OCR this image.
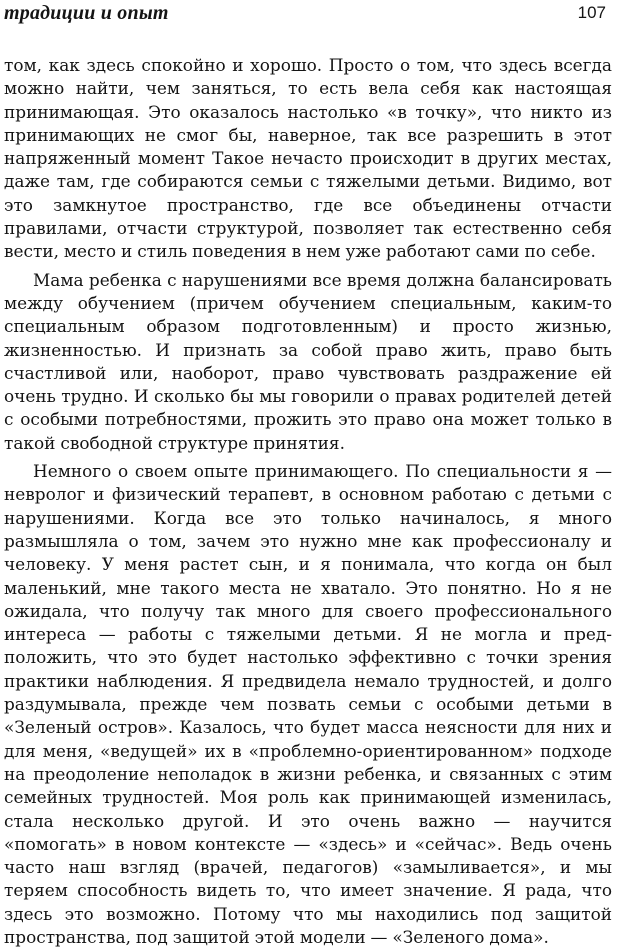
традиции и опыт	107

том, как здесь спокойно и хорошо. Просто о том, что здесь всегда можно найти, чем заняться, то есть вела себя как настоящая принимающая. Это оказалось настолько «в точку», что никто из принимающих не смог бы, наверное, так все разрешить в этот напряженный момент Такое нечасто происходит в других местах, даже там, где собираются семьи с тяжелыми детьми. Видимо, вот это замкнутое пространство, где все объединены отчасти правилами, отчасти структурой, позволяет так естественно себя вести, место и стиль поведения в нем уже работают сами по себе.

Мама ребенка с нарушениями все время должна балансировать между обучением (причем обучением специальным, каким-то специальным образом подготовленным) и просто жизнью, жизненностью. И признать за собой право жить, право быть счастливой или, наоборот, право чувствовать раздражение ей очень трудно. И сколько бы мы говорили о правах родителей детей с особыми потребностями, прожить это право она может только в такой свободной структуре принятия.

Немного о своем опыте принимающего. По специальности я — невролог и физический терапевт, в основном работаю с детьми с нарушениями. Когда все это только начиналось, я много размышляла о том, зачем это нужно мне как профессионалу и человеку. У меня растет сын, и я понимала, что когда он был маленький, мне такого места не хватало. Это понятно. Но я не ожидала, что получу так много для своего профессионального интереса — работы с тяжелыми детьми. Я не могла и предположить, что это будет настолько эффективно с точки зрения практики наблюдения. Я предвидела немало трудностей, и долго раздумывала, прежде чем позвать семьи с особыми детьми в «Зеленый остров». Казалось, что будет масса неясности для них и для меня, «ведущей» их в «проблемно-ориентированном» подходе на преодоление неполадок в жизни ребенка, и связанных с этим семейных трудностей. Моя роль как принимающей изменилась, стала несколько другой. И это очень важно — научится «помогать» в новом контексте — «здесь» и «сейчас». Ведь очень часто наш взгляд (врачей, педагогов) «замыливается», и мы теряем способность видеть то, что имеет значение. Я рада, что здесь это возможно. Потому что мы находились под защитой пространства, под защитой этой модели — «Зеленого дома».
